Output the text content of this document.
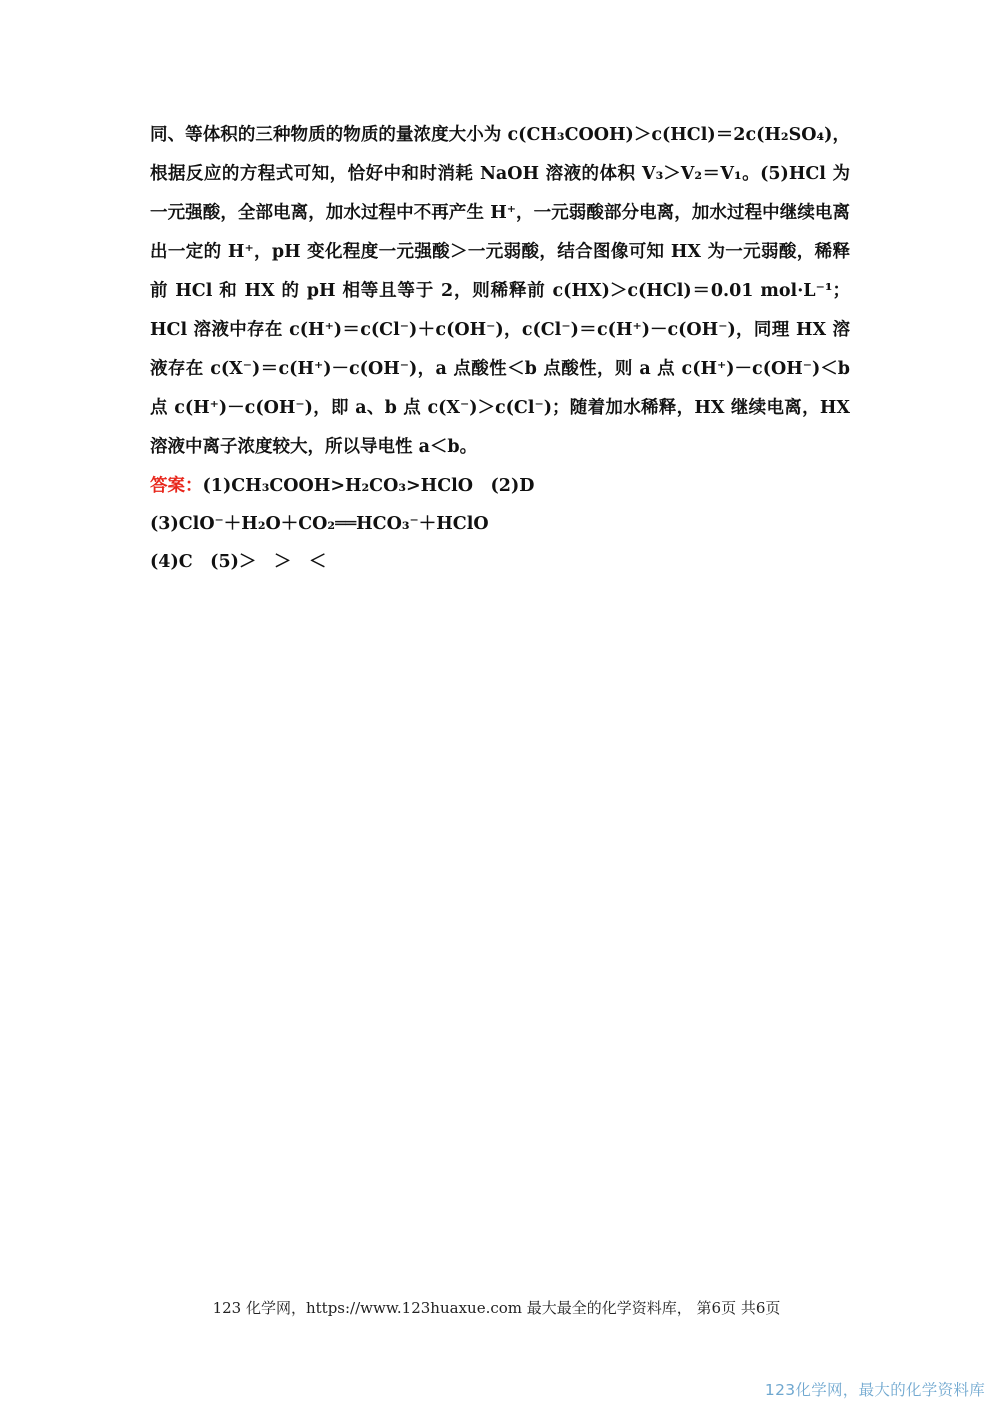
同、等体积的三种物质的物质的量浓度大小为 c(CH₃COOH)＞c(HCl)＝2c(H₂SO₄)，根据反应的方程式可知，恰好中和时消耗 NaOH 溶液的体积 V₃＞V₂＝V₁。(5)HCl 为一元强酸，全部电离，加水过程中不再产生 H⁺，一元弱酸部分电离，加水过程中继续电离出一定的 H⁺，pH 变化程度一元强酸＞一元弱酸，结合图像可知 HX 为一元弱酸，稀释前 HCl 和 HX 的 pH 相等且等于 2，则稀释前 c(HX)＞c(HCl)＝0.01 mol·L⁻¹；HCl 溶液中存在 c(H⁺)＝c(Cl⁻)＋c(OH⁻)，c(Cl⁻)＝c(H⁺)－c(OH⁻)，同理 HX 溶液存在 c(X⁻)＝c(H⁺)－c(OH⁻)，a 点酸性＜b 点酸性，则 a 点 c(H⁺)－c(OH⁻)＜b 点 c(H⁺)－c(OH⁻)，即 a、b 点 c(X⁻)＞c(Cl⁻)；随着加水稀释，HX 继续电离，HX 溶液中离子浓度较大，所以导电性 a＜b。

答案：(1)CH₃COOH>H₂CO₃>HClO　(2)D

(3)ClO⁻＋H₂O＋CO₂══HCO₃⁻＋HClO

(4)C　(5)＞　＞　＜

123 化学网，https://www.123huaxue.com 最大最全的化学资料库， 第6页 共6页
123化学网，最大的化学资料库
